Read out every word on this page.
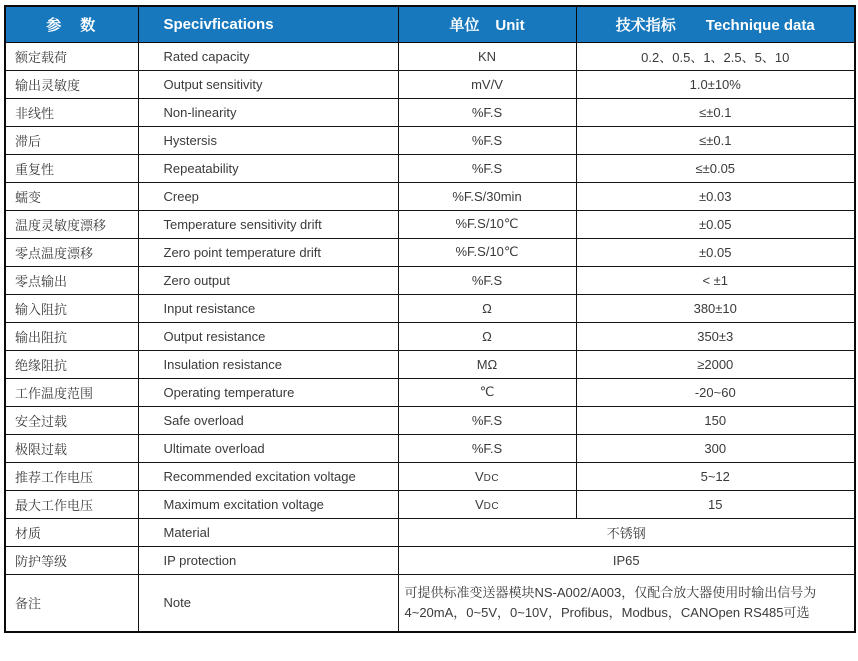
参　数	Specivfications	单位 Unit	技术指标 Technique data
额定载荷	Rated capacity	KN	0.2、0.5、1、2.5、5、10
输出灵敏度	Output sensitivity	mV/V	1.0±10%
非线性	Non-linearity	%F.S	≤±0.1
滞后	Hystersis	%F.S	≤±0.1
重复性	Repeatability	%F.S	≤±0.05
蠕变	Creep	%F.S/30min	±0.03
温度灵敏度漂移	Temperature sensitivity drift	%F.S/10℃	±0.05
零点温度漂移	Zero point temperature drift	%F.S/10℃	±0.05
零点输出	Zero output	%F.S	< ±1
输入阻抗	Input resistance	Ω	380±10
输出阻抗	Output resistance	Ω	350±3
绝缘阻抗	Insulation resistance	MΩ	≥2000
工作温度范围	Operating temperature	℃	-20~60
安全过载	Safe overload	%F.S	150
极限过载	Ultimate overload	%F.S	300
推荐工作电压	Recommended excitation voltage	VDC	5~12
最大工作电压	Maximum excitation voltage	VDC	15
材质	Material	不锈钢	

防护等级	IP protection	IP65	

备注	Note	可提供标准变送器模块NS-A002/A003，仅配合放大器使用时输出信号为
4~20mA，0~5V，0~10V，Profibus，Modbus，CANOpen RS485可选	
